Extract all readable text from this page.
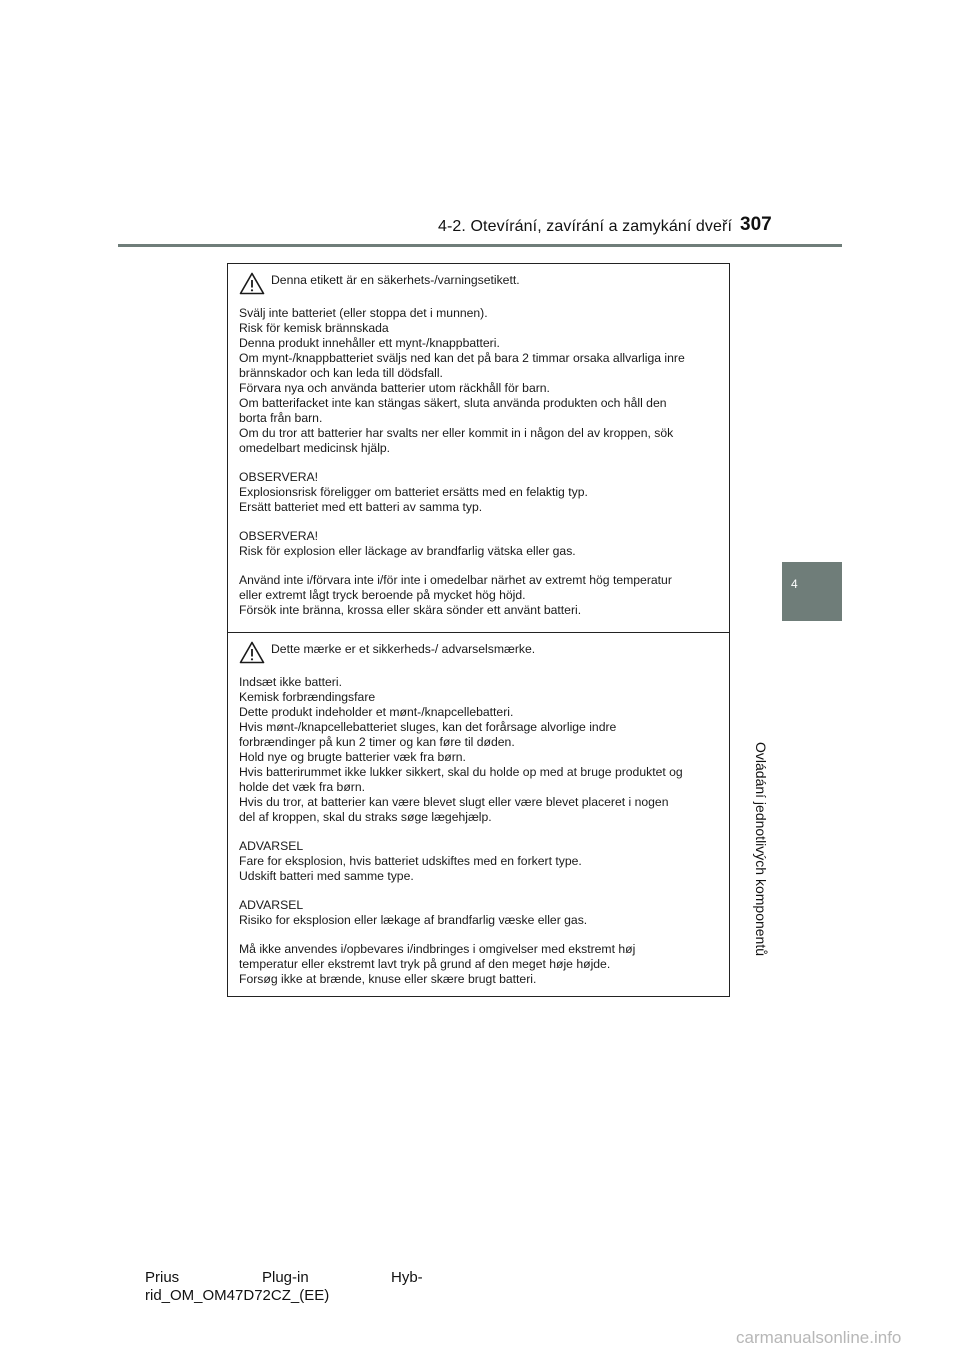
4-2. Otevírání, zavírání a zamykání dveří 307
4
Ovládání jednotlivých komponentů
Denna etikett är en säkerhets-/varningsetikett.
Svälj inte batteriet (eller stoppa det i munnen).
Risk för kemisk brännskada
Denna produkt innehåller ett mynt-/knappbatteri.
Om mynt-/knappbatteriet sväljs ned kan det på bara 2 timmar orsaka allvarliga inre
brännskador och kan leda till dödsfall.
Förvara nya och använda batterier utom räckhåll för barn.
Om batterifacket inte kan stängas säkert, sluta använda produkten och håll den
borta från barn.
Om du tror att batterier har svalts ner eller kommit in i någon del av kroppen, sök
omedelbart medicinsk hjälp.
OBSERVERA!
Explosionsrisk föreligger om batteriet ersätts med en felaktig typ.
Ersätt batteriet med ett batteri av samma typ.
OBSERVERA!
Risk för explosion eller läckage av brandfarlig vätska eller gas.
Använd inte i/förvara inte i/för inte i omedelbar närhet av extremt hög temperatur
eller extremt lågt tryck beroende på mycket hög höjd.
Försök inte bränna, krossa eller skära sönder ett använt batteri.
Dette mærke er et sikkerheds-/ advarselsmærke.
Indsæt ikke batteri.
Kemisk forbrændingsfare
Dette produkt indeholder et mønt-/knapcellebatteri.
Hvis mønt-/knapcellebatteriet sluges, kan det forårsage alvorlige indre
forbrændinger på kun 2 timer og kan føre til døden.
Hold nye og brugte batterier væk fra børn.
Hvis batterirummet ikke lukker sikkert, skal du holde op med at bruge produktet og
holde det væk fra børn.
Hvis du tror, at batterier kan være blevet slugt eller være blevet placeret i nogen
del af kroppen, skal du straks søge lægehjælp.
ADVARSEL
Fare for eksplosion, hvis batteriet udskiftes med en forkert type.
Udskift batteri med samme type.
ADVARSEL
Risiko for eksplosion eller lækage af brandfarlig væske eller gas.
Må ikke anvendes i/opbevares i/indbringes i omgivelser med ekstremt høj
temperatur eller ekstremt lavt tryk på grund af den meget høje højde.
Forsøg ikke at brænde, knuse eller skære brugt batteri.
Prius	Plug-in	Hyb-
rid_OM_OM47D72CZ_(EE)
carmanualsonline.info
